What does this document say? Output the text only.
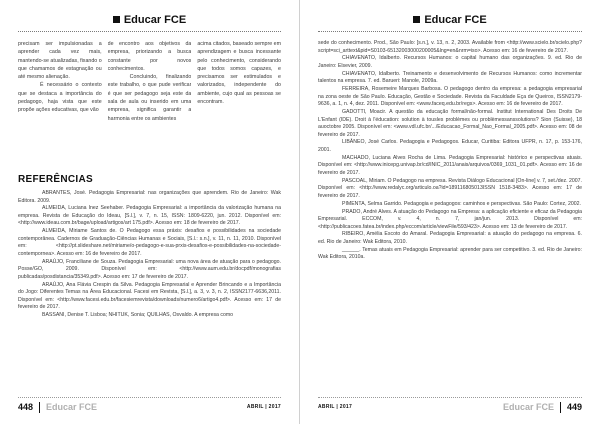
Educar FCE

precisam ser impulsionadas a aprender cada vez mais, mantendo-se atualizadas, fixando o que chamamos de estagnação ou até mesmo alienação.

É necessário o contexto que se destaca a importância do pedagogo, haja vista que este propõe ações educativas, que vão

de encontro aos objetivos da empresa, priorizando a busca constante por novos conhecimentos.

Concluindo, finalizando este trabalho, o que pude verificar é que ser pedagogo seja este da sala de aula ou inserido em uma empresa, significa garantir a harmonia entre os ambientes

acima citados, baseado sempre em aprendizagem e busca incessante pelo conhecimento, considerando que todos somos capazes, e precisamos ser estimulados e valorizados, independente do ambiente, cujo qual as pessoas se encontram.

REFERÊNCIAS

ABRANTES, José. Pedagogia Empresarial: nas organizações que aprendem. Rio de Janeiro: Wak Editora. 2009.

ALMEIDA, Luciana Inez Seehaber. Pedagogia Empresarial: a importância da valorização humana na empresa. Revista de Educação do Ideau, [S.l.], v. 7, n. 15, ISSN: 1809-6220, jun. 2012. Disponível em: <http://www.ideau.com.br/bage/upload/artigos/art 175.pdf>. Acesso em: 18 de fevereiro de 2017.

ALMEIDA, Miriame Santos de. O Pedagogo essa práxis: desafios e possibilidades na sociedade contemporânea. Cadernos de Graduação-Ciências Humanas e Sociais, [S.l.: s.n.], v. 11, n. 11, 2010. Disponível em: <http://pt.slideshare.net/miriame/o-pedagogo-e-sua-prxis-desafios-e-possibilidades-na-sociedade-contempornea>. Acesso em: 16 de fevereiro de 2017.

ARAÚJO, Franciliane de Souza. Pedagogia Empresarial: uma nova área de atuação para o pedagogo. Posse/GO, 2009. Disponível em: <http://www.aum.edu.br/docpdf/monografias publicadas/posdistancia/35349.pdf>. Acesso em: 17 de fevereiro de 2017.

ARAÚJO, Ana Flávia Crespin da Silva. Pedagogia Empresarial e Aprender Brincando e a Importância do Jogo: Diferentes Temas na Área Educacional. Facesi em Revista, [S.l.], a. 3, v. 3, n. 2, ISSN2177-6636,2011. Disponível em: <http://www.facesi.edu.br/facesiemrevista/downloads/numero6/artigo4.pdf>. Acesso em: 17 de fevereiro de 2017.

BASSANI, Denise T. Lisboa; NHITUK, Sonia; QUILHAS, Osvaldo. A empresa como

448 Educar FCE	ABRIL | 2017
Educar FCE

sede do conhecimento. Prod., São Paulo: [s.n.], v. 13, n. 2, 2003. Available from <http://www.scielo.br/scielo.php?script=sci_arttext&pid=S0103-65132003000200005&lng=en&nrm=iso>. Acesso em: 16 de fevereiro de 2017.

CHIAVENATO, Idalberto. Recursos Humanos: o capital humano das organizações. 9. ed. Rio de Janeiro: Elsevier, 2009.

CHIAVENATO, Idalberto. Treinamento e desenvolvimento de Recursos Humanos: como incrementar talentos na empresa. 7. ed. Barueri: Manole, 2009a.

FERREIRA, Rosemeire Marques Barbosa. O pedagogo dentro da empresa: a pedagogia empresarial na zona oeste de São Paulo. Educação, Gestão e Sociedade. Revista da Faculdade Eça de Queiros, ISSN2179-9636, a. 1, n. 4, dez. 2011. Disponível em: <www.faceq.edu.br/regs>. Acesso em: 16 de fevereiro de 2017.

GADOTTI, Moacir. A questão da educação formal/não-formal. Institut International Des Droits De L'Enfant (IDE). Droit à l'éducation: solution à tousles problèmes ou problèmessanssolutions? Sion (Suisse), 18 auoctobre 2005. Disponível em: <www.vdl.ufc.br/.../Educacao_Formal_Nao_Formal_2005.pdf>. Acesso em: 08 de fevereiro de 2017.

LIBÂNEO, José Carlos. Pedagogia e Pedagogos. Educar, Curitiba: Editora UFPR, n. 17, p. 153-176, 2001.

MACHADO, Luciana Alves Rocha de Lima. Pedagogia Empresarial: histórico e perspectivas atuais. Disponível em: <http://www.inicepg.univap.br/cd/INIC_2011/anais/arquivos/0369_1031_01.pdf>. Acesso em: 16 de fevereiro de 2017.

PASCOAL, Miriam. O Pedagogo na empresa. Revista Diálogo Educacional [On-line] v. 7, set./dez. 2007. Disponível em: <http://www.redalyc.org/articulo.oa?id=189116805013ISSN 1518-3483>. Acesso em: 17 de fevereiro de 2017.

PIMENTA, Selma Garrido. Pedagogia e pedagogos: caminhos e perspectivas. São Paulo: Cortez, 2002.

PRADO, André Alves. A atuação do Pedagogo na Empresa: a aplicação eficiente e eficaz da Pedagogia Empresarial. ECCOM, v. 4, n. 7, jan/jun. 2013. Disponível em: <http://publicacoes.fatea.br/index.php/eccom/article/viewFile/593/423>. Acesso em: 13 de fevereiro de 2017.

RIBEIRO, Amélia Escoto do Amaral. Pedagogia Empresarial: a atuação do pedagogo na empresa. 6. ed. Rio de Janeiro: Wak Editora, 2010.

______. Temas atuais em Pedagogia Empresarial: aprender para ser competitivo. 3. ed. Rio de Janeiro: Wak Editora, 2010a.

ABRIL | 2017	Educar FCE 449
